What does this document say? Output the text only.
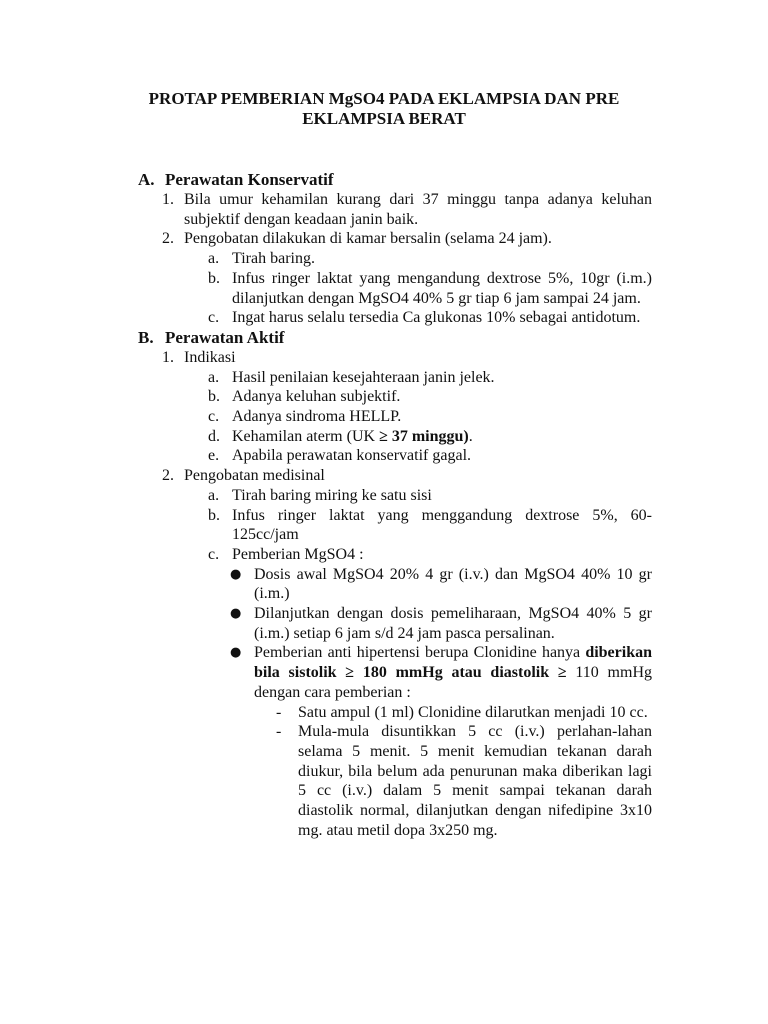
PROTAP PEMBERIAN MgSO4 PADA EKLAMPSIA DAN PRE
EKLAMPSIA BERAT
A. Perawatan Konservatif
1. Bila umur kehamilan kurang dari 37 minggu tanpa adanya keluhan subjektif dengan keadaan janin baik.
2. Pengobatan dilakukan di kamar bersalin (selama 24 jam).
a. Tirah baring.
b. Infus ringer laktat yang mengandung dextrose 5%, 10gr (i.m.) dilanjutkan dengan MgSO4 40% 5 gr tiap 6 jam sampai 24 jam.
c. Ingat harus selalu tersedia Ca glukonas 10% sebagai antidotum.
B. Perawatan Aktif
1. Indikasi
a. Hasil penilaian kesejahteraan janin jelek.
b. Adanya keluhan subjektif.
c. Adanya sindroma HELLP.
d. Kehamilan aterm (UK ≥ 37 minggu).
e. Apabila perawatan konservatif gagal.
2. Pengobatan medisinal
a. Tirah baring miring ke satu sisi
b. Infus ringer laktat yang menggandung dextrose 5%, 60-125cc/jam
c. Pemberian MgSO4 :
● Dosis awal MgSO4 20% 4 gr (i.v.) dan MgSO4 40% 10 gr (i.m.)
● Dilanjutkan dengan dosis pemeliharaan, MgSO4 40% 5 gr (i.m.) setiap 6 jam s/d 24 jam pasca persalinan.
● Pemberian anti hipertensi berupa Clonidine hanya diberikan bila sistolik ≥ 180 mmHg atau diastolik ≥ 110 mmHg dengan cara pemberian :
-	Satu ampul (1 ml) Clonidine dilarutkan menjadi 10 cc.
-	Mula-mula disuntikkan 5 cc (i.v.) perlahan-lahan selama 5 menit. 5 menit kemudian tekanan darah diukur, bila belum ada penurunan maka diberikan lagi 5 cc (i.v.) dalam 5 menit sampai tekanan darah diastolik normal, dilanjutkan dengan nifedipine 3x10 mg. atau metil dopa 3x250 mg.
